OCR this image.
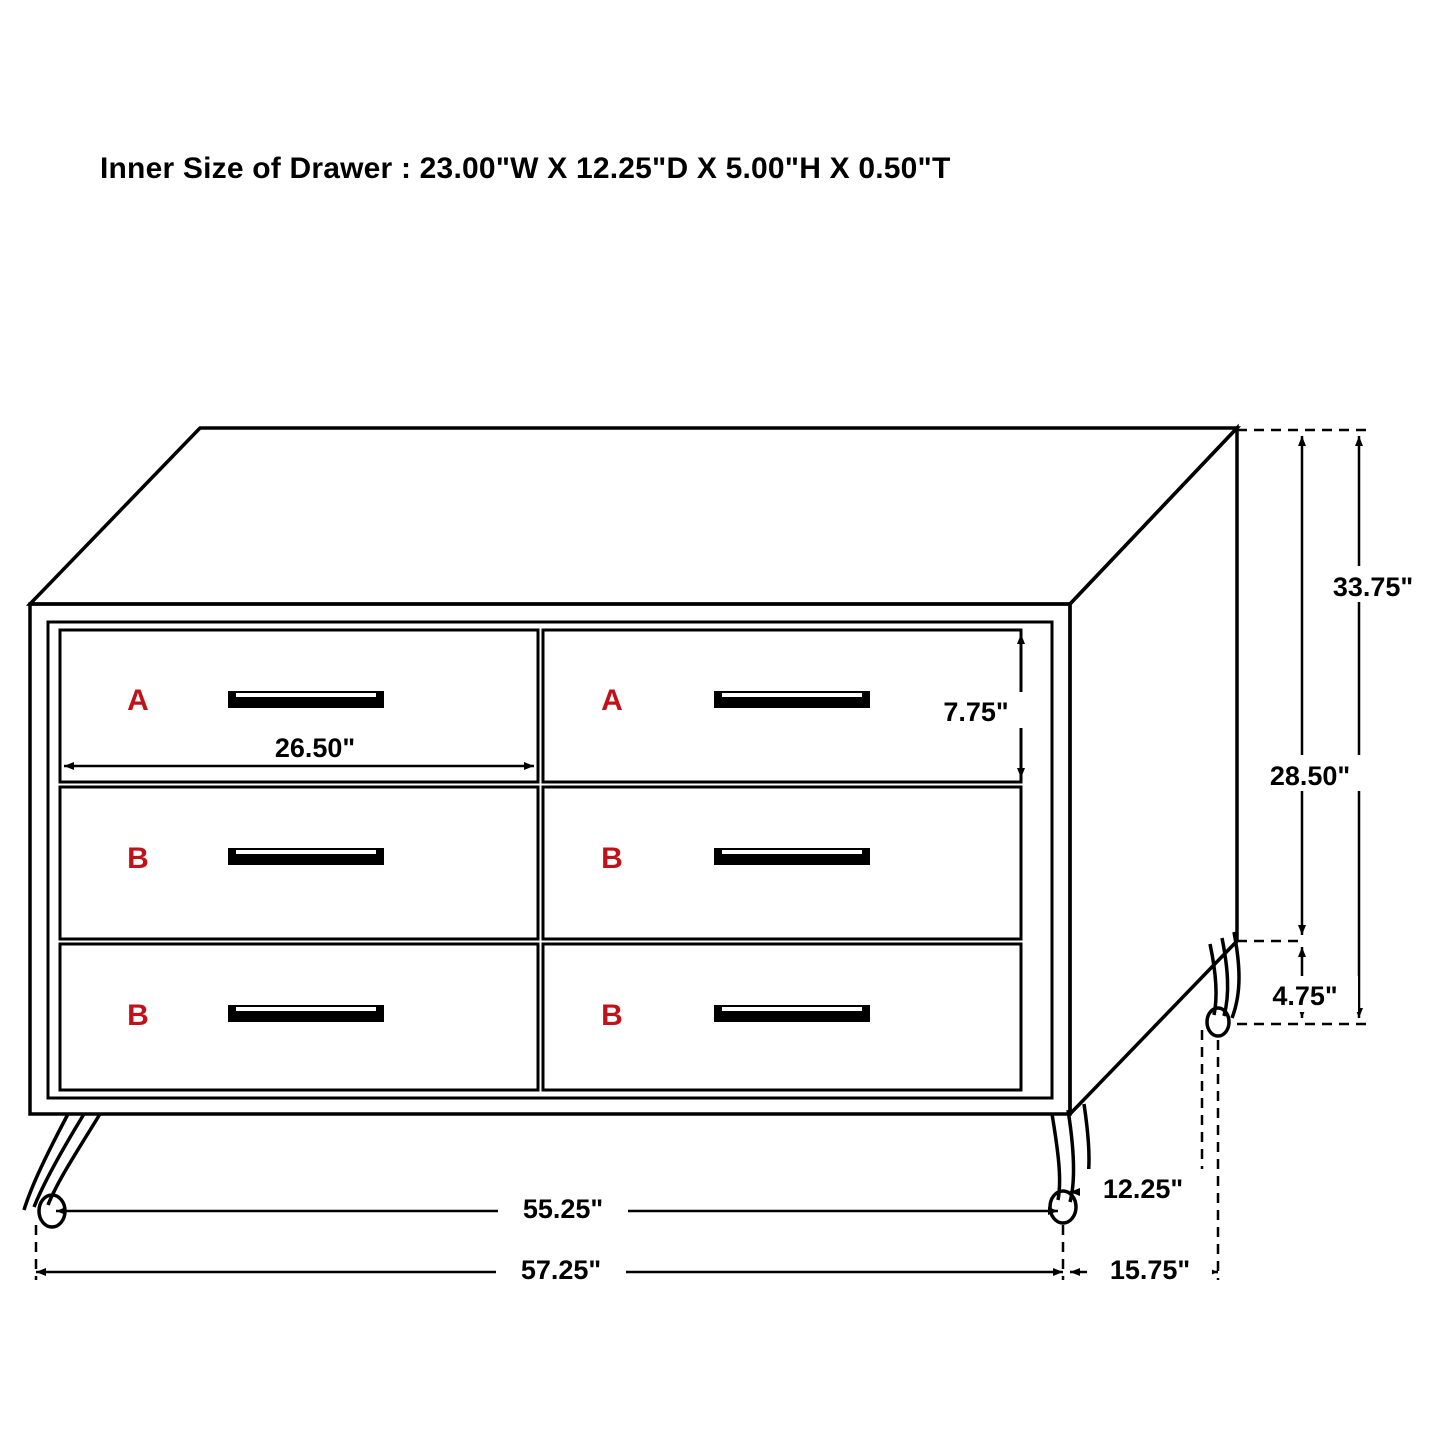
Inner Size of Drawer : 23.00"W X 12.25"D X 5.00"H X 0.50"T
A	A
B	B
B	B
33.75"
28.50"
4.75"
7.75"
26.50"
55.25"
12.25"
57.25"	15.75"
